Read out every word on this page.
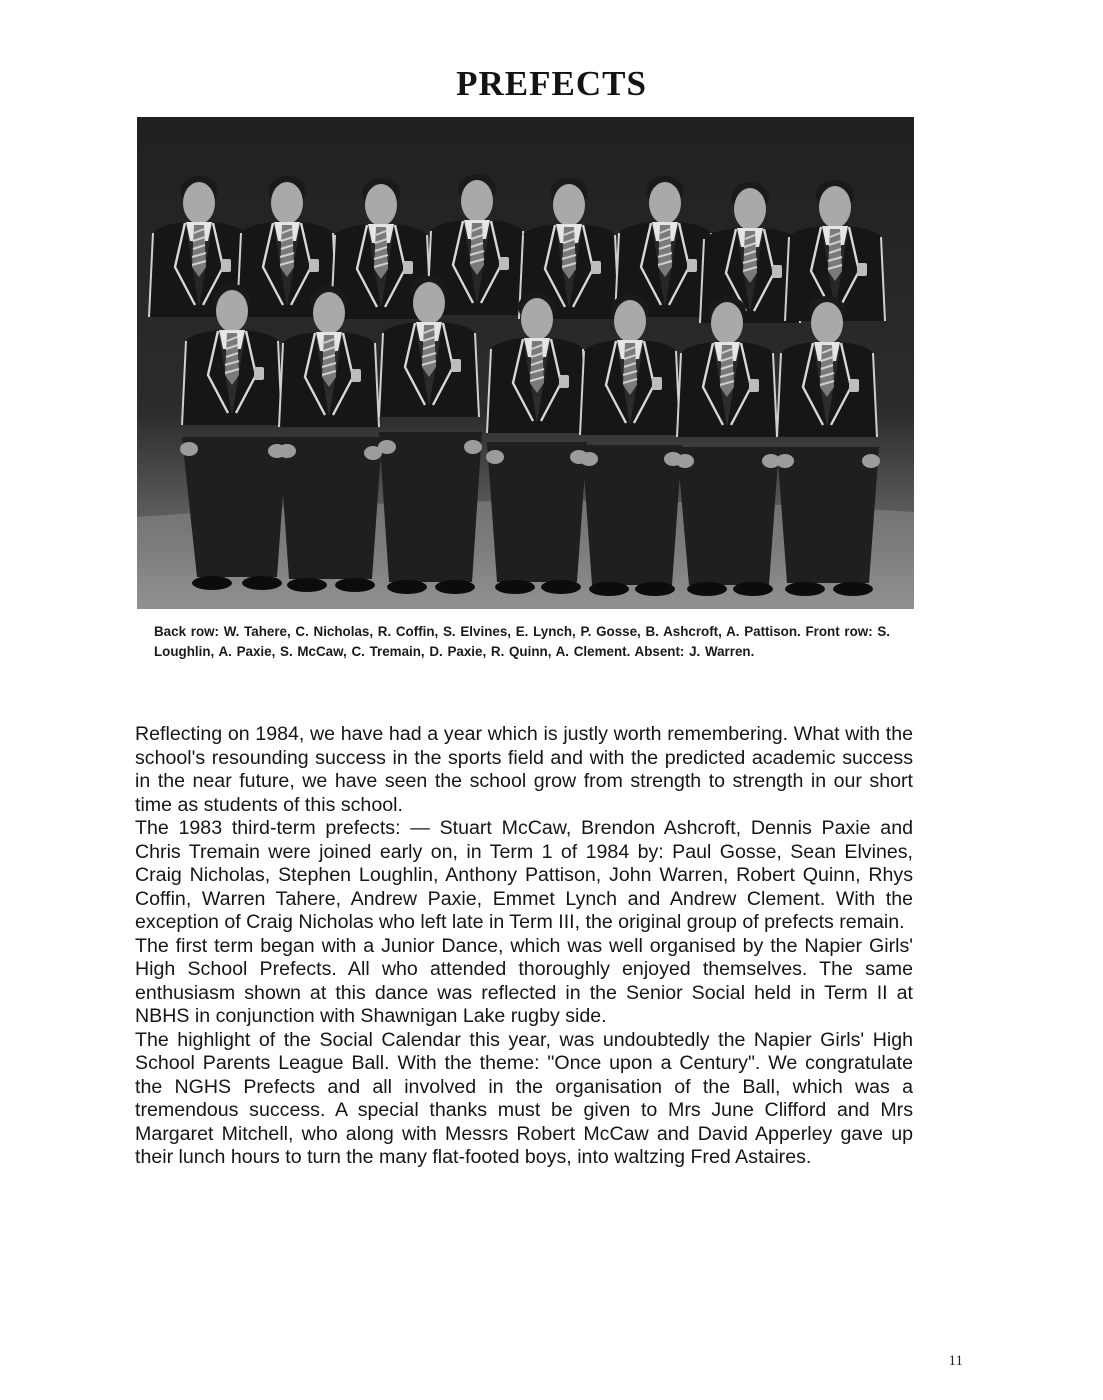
PREFECTS
Back row: W. Tahere, C. Nicholas, R. Coffin, S. Elvines, E. Lynch, P. Gosse, B. Ashcroft, A. Pattison. Front row: S. Loughlin, A. Paxie, S. McCaw, C. Tremain, D. Paxie, R. Quinn, A. Clement. Absent: J. Warren.

Reflecting on 1984, we have had a year which is justly worth remembering. What with the school's resounding success in the sports field and with the predicted academic success in the near future, we have seen the school grow from strength to strength in our short time as students of this school.

The 1983 third-term prefects: — Stuart McCaw, Brendon Ashcroft, Dennis Paxie and Chris Tremain were joined early on, in Term 1 of 1984 by: Paul Gosse, Sean Elvines, Craig Nicholas, Stephen Loughlin, Anthony Pattison, John Warren, Robert Quinn, Rhys Coffin, Warren Tahere, Andrew Paxie, Emmet Lynch and Andrew Clement. With the exception of Craig Nicholas who left late in Term III, the original group of prefects remain.

The first term began with a Junior Dance, which was well organised by the Napier Girls' High School Prefects. All who attended thoroughly enjoyed themselves. The same enthusiasm shown at this dance was reflected in the Senior Social held in Term II at NBHS in conjunction with Shawnigan Lake rugby side.

The highlight of the Social Calendar this year, was undoubtedly the Napier Girls' High School Parents League Ball. With the theme: "Once upon a Century". We congratulate the NGHS Prefects and all involved in the organisation of the Ball, which was a tremendous success. A special thanks must be given to Mrs June Clifford and Mrs Margaret Mitchell, who along with Messrs Robert McCaw and David Apperley gave up their lunch hours to turn the many flat-footed boys, into waltzing Fred Astaires.

11
